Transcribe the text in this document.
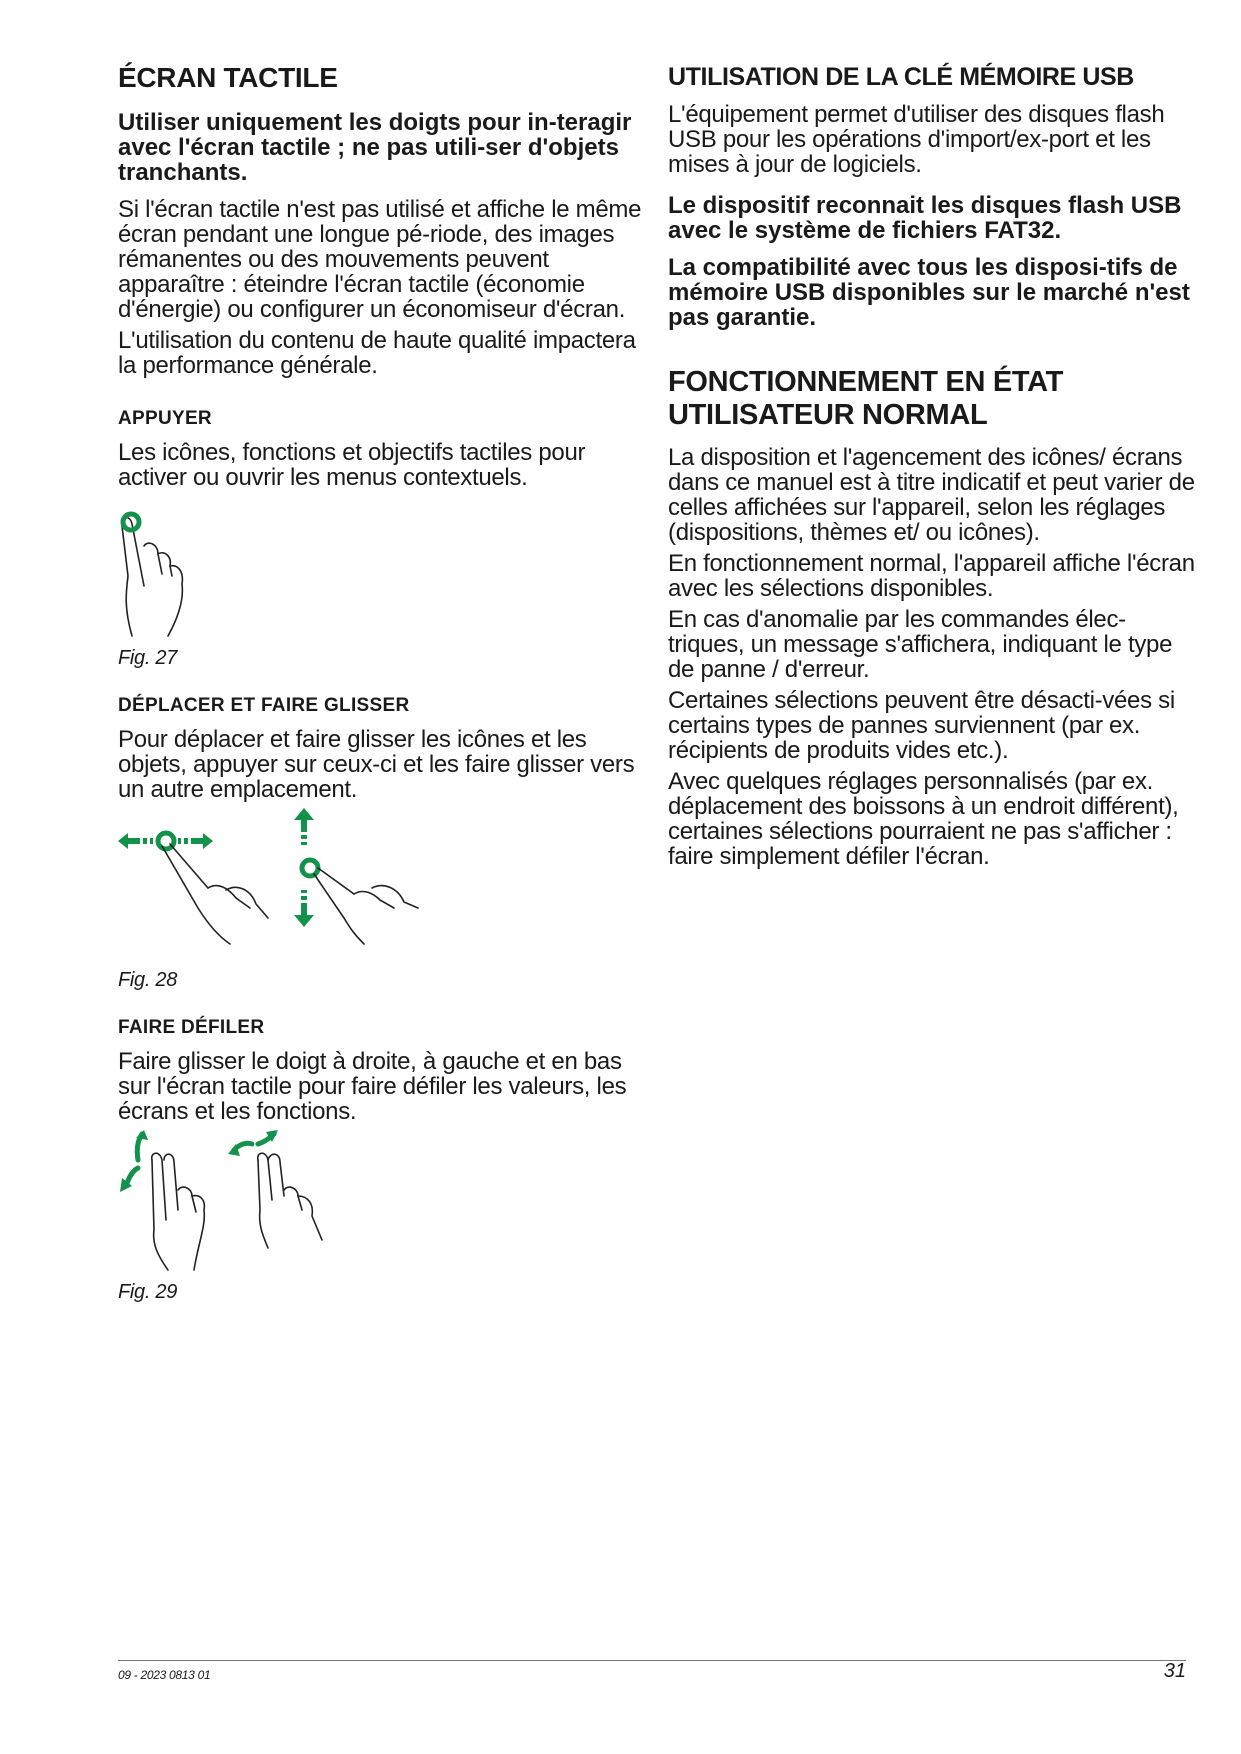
ÉCRAN TACTILE

Utiliser uniquement les doigts pour in-teragir avec l'écran tactile ; ne pas utili-ser d'objets tranchants.

Si l'écran tactile n'est pas utilisé et affiche le même écran pendant une longue pé-riode, des images rémanentes ou des mouvements peuvent apparaître : éteindre l'écran tactile (économie d'énergie) ou configurer un économiseur d'écran.

L'utilisation du contenu de haute qualité impactera la performance générale.

APPUYER

Les icônes, fonctions et objectifs tactiles pour activer ou ouvrir les menus contextuels.

Fig. 27

DÉPLACER ET FAIRE GLISSER

Pour déplacer et faire glisser les icônes et les objets, appuyer sur ceux-ci et les faire glisser vers un autre emplacement.

Fig. 28

FAIRE DÉFILER

Faire glisser le doigt à droite, à gauche et en bas sur l'écran tactile pour faire défiler les valeurs, les écrans et les fonctions.

Fig. 29

UTILISATION DE LA CLÉ MÉMOIRE USB

L'équipement permet d'utiliser des disques flash USB pour les opérations d'import/ex-port et les mises à jour de logiciels.

Le dispositif reconnait les disques flash USB avec le système de fichiers FAT32.

La compatibilité avec tous les disposi-tifs de mémoire USB disponibles sur le marché n'est pas garantie.

FONCTIONNEMENT EN ÉTAT UTILISATEUR NORMAL

La disposition et l'agencement des icônes/ écrans dans ce manuel est à titre indicatif et peut varier de celles affichées sur l'appareil, selon les réglages (dispositions, thèmes et/ ou icônes).

En fonctionnement normal, l'appareil affiche l'écran avec les sélections disponibles.

En cas d'anomalie par les commandes élec-triques, un message s'affichera, indiquant le type de panne / d'erreur.

Certaines sélections peuvent être désacti-vées si certains types de pannes surviennent (par ex. récipients de produits vides etc.).

Avec quelques réglages personnalisés (par ex. déplacement des boissons à un endroit différent), certaines sélections pourraient ne pas s'afficher : faire simplement défiler l'écran.

09 - 2023 0813 01	31
